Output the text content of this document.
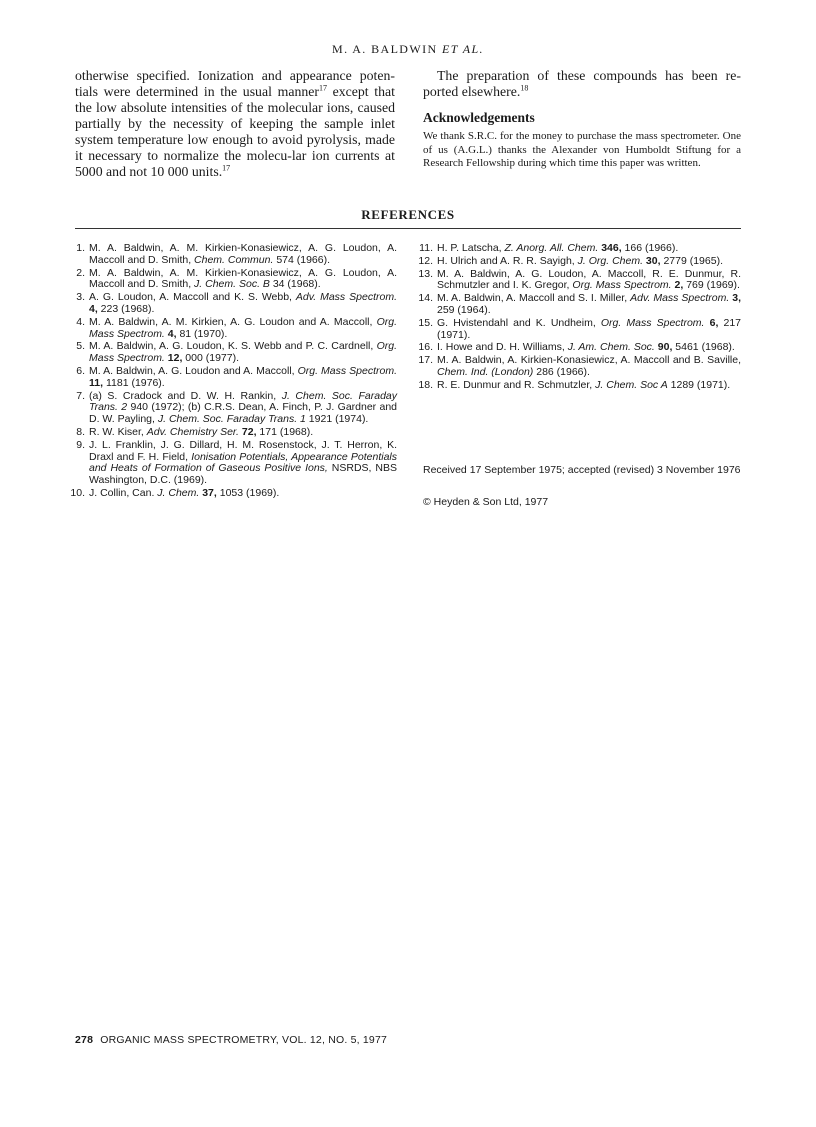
M. A. BALDWIN ET AL.

otherwise specified. Ionization and appearance poten-tials were determined in the usual manner$^{17}$ except that the low absolute intensities of the molecular ions, caused partially by the necessity of keeping the sample inlet system temperature low enough to avoid pyrolysis, made it necessary to normalize the molecu-lar ion currents at 5000 and not 10 000 units.$^{17}$

The preparation of these compounds has been re-ported elsewhere.$^{18}$

Acknowledgements

We thank S.R.C. for the money to purchase the mass spectrometer. One of us (A.G.L.) thanks the Alexander von Humboldt Stiftung for a Research Fellowship during which time this paper was written.

REFERENCES
1. M. A. Baldwin, A. M. Kirkien-Konasiewicz, A. G. Loudon, A. Maccoll and D. Smith, Chem. Commun. 574 (1966).
2. M. A. Baldwin, A. M. Kirkien-Konasiewicz, A. G. Loudon, A. Maccoll and D. Smith, J. Chem. Soc. B 34 (1968).
3. A. G. Loudon, A. Maccoll and K. S. Webb, Adv. Mass Spectrom. 4, 223 (1968).
4. M. A. Baldwin, A. M. Kirkien, A. G. Loudon and A. Maccoll, Org. Mass Spectrom. 4, 81 (1970).
5. M. A. Baldwin, A. G. Loudon, K. S. Webb and P. C. Cardnell, Org. Mass Spectrom. 12, 000 (1977).
6. M. A. Baldwin, A. G. Loudon and A. Maccoll, Org. Mass Spectrom. 11, 1181 (1976).
7. (a) S. Cradock and D. W. H. Rankin, J. Chem. Soc. Faraday Trans. 2 940 (1972); (b) C.R.S. Dean, A. Finch, P. J. Gardner and D. W. Payling, J. Chem. Soc. Faraday Trans. 1 1921 (1974).
8. R. W. Kiser, Adv. Chemistry Ser. 72, 171 (1968).
9. J. L. Franklin, J. G. Dillard, H. M. Rosenstock, J. T. Herron, K. Draxl and F. H. Field, Ionisation Potentials, Appearance Potentials and Heats of Formation of Gaseous Positive Ions, NSRDS, NBS Washington, D.C. (1969).
10. J. Collin, Can. J. Chem. 37, 1053 (1969).
11. H. P. Latscha, Z. Anorg. All. Chem. 346, 166 (1966).
12. H. Ulrich and A. R. R. Sayigh, J. Org. Chem. 30, 2779 (1965).
13. M. A. Baldwin, A. G. Loudon, A. Maccoll, R. E. Dunmur, R. Schmutzler and I. K. Gregor, Org. Mass Spectrom. 2, 769 (1969).
14. M. A. Baldwin, A. Maccoll and S. I. Miller, Adv. Mass Spectrom. 3, 259 (1964).
15. G. Hvistendahl and K. Undheim, Org. Mass Spectrom. 6, 217 (1971).
16. I. Howe and D. H. Williams, J. Am. Chem. Soc. 90, 5461 (1968).
17. M. A. Baldwin, A. Kirkien-Konasiewicz, A. Maccoll and B. Saville, Chem. Ind. (London) 286 (1966).
18. R. E. Dunmur and R. Schmutzler, J. Chem. Soc A 1289 (1971).
Received 17 September 1975; accepted (revised) 3 November 1976
© Heyden & Son Ltd, 1977
278 ORGANIC MASS SPECTROMETRY, VOL. 12, NO. 5, 1977
